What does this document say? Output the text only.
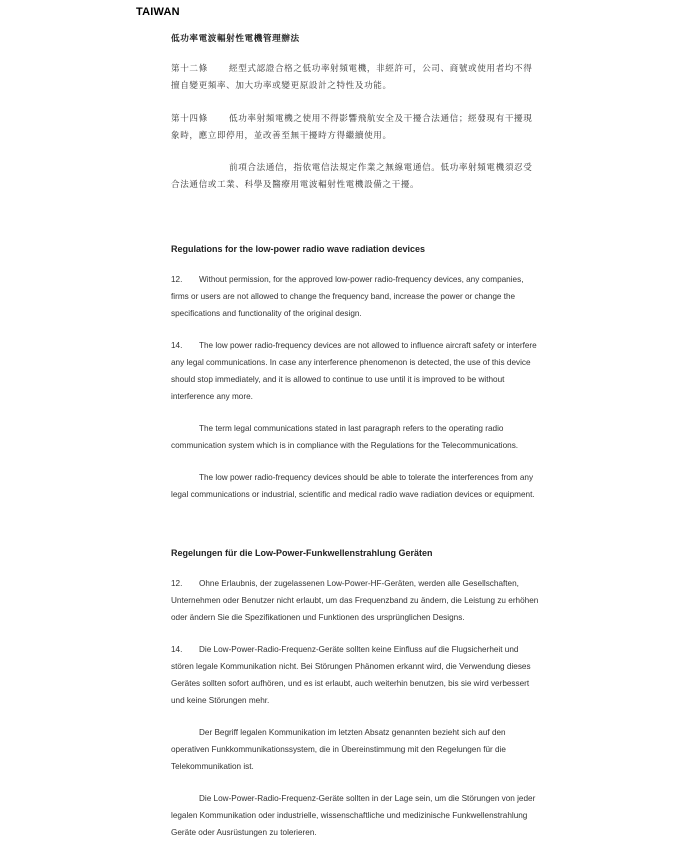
TAIWAN
低功率電波輻射性電機管理辦法
第十二條 經型式認證合格之低功率射頻電機，非經許可，公司、商號或使用者均不得擅自變更頻率、加大功率或變更原設計之特性及功能。
第十四條 低功率射頻電機之使用不得影響飛航安全及干擾合法通信；經發現有干擾現象時，應立即停用，並改善至無干擾時方得繼續使用。
前項合法通信，指依電信法規定作業之無線電通信。低功率射頻電機須忍受合法通信或工業、科學及醫療用電波輻射性電機設備之干擾。
Regulations for the low-power radio wave radiation devices
12. Without permission, for the approved low-power radio-frequency devices, any companies, firms or users are not allowed to change the frequency band, increase the power or change the specifications and functionality of the original design.
14. The low power radio-frequency devices are not allowed to influence aircraft safety or interfere any legal communications. In case any interference phenomenon is detected, the use of this device should stop immediately, and it is allowed to continue to use until it is improved to be without interference any more.
The term legal communications stated in last paragraph refers to the operating radio communication system which is in compliance with the Regulations for the Telecommunications.
The low power radio-frequency devices should be able to tolerate the interferences from any legal communications or industrial, scientific and medical radio wave radiation devices or equipment.
Regelungen für die Low-Power-Funkwellenstrahlung Geräten
12. Ohne Erlaubnis, der zugelassenen Low-Power-HF-Geräten, werden alle Gesellschaften, Unternehmen oder Benutzer nicht erlaubt, um das Frequenzband zu ändern, die Leistung zu erhöhen oder ändern Sie die Spezifikationen und Funktionen des ursprünglichen Designs.
14. Die Low-Power-Radio-Frequenz-Geräte sollten keine Einfluss auf die Flugsicherheit und stören legale Kommunikation nicht. Bei Störungen Phänomen erkannt wird, die Verwendung dieses Gerätes sollten sofort aufhören, und es ist erlaubt, auch weiterhin benutzen, bis sie wird verbessert und keine Störungen mehr.
Der Begriff legalen Kommunikation im letzten Absatz genannten bezieht sich auf den operativen Funkkommunikationssystem, die in Übereinstimmung mit den Regelungen für die Telekommunikation ist.
Die Low-Power-Radio-Frequenz-Geräte sollten in der Lage sein, um die Störungen von jeder legalen Kommunikation oder industrielle, wissenschaftliche und medizinische Funkwellenstrahlung Geräte oder Ausrüstungen zu tolerieren.
